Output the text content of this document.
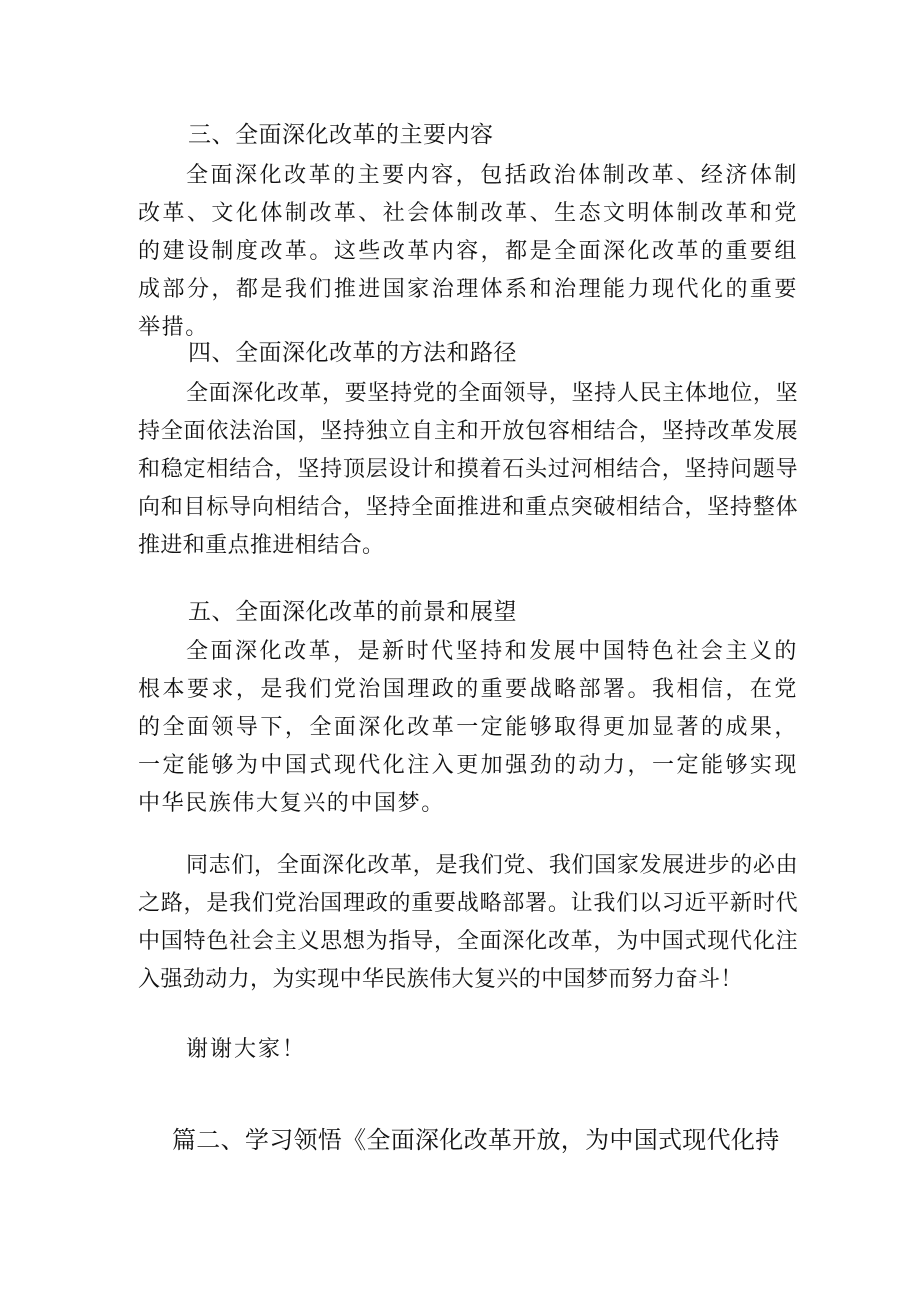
三、全面深化改革的主要内容

全面深化改革的主要内容，包括政治体制改革、经济体制改革、文化体制改革、社会体制改革、生态文明体制改革和党的建设制度改革。这些改革内容，都是全面深化改革的重要组成部分，都是我们推进国家治理体系和治理能力现代化的重要举措。

四、全面深化改革的方法和路径

全面深化改革，要坚持党的全面领导，坚持人民主体地位，坚持全面依法治国，坚持独立自主和开放包容相结合，坚持改革发展和稳定相结合，坚持顶层设计和摸着石头过河相结合，坚持问题导向和目标导向相结合，坚持全面推进和重点突破相结合，坚持整体推进和重点推进相结合。

五、全面深化改革的前景和展望

全面深化改革，是新时代坚持和发展中国特色社会主义的根本要求，是我们党治国理政的重要战略部署。我相信，在党的全面领导下，全面深化改革一定能够取得更加显著的成果，一定能够为中国式现代化注入更加强劲的动力，一定能够实现中华民族伟大复兴的中国梦。

同志们，全面深化改革，是我们党、我们国家发展进步的必由之路，是我们党治国理政的重要战略部署。让我们以习近平新时代中国特色社会主义思想为指导，全面深化改革，为中国式现代化注入强劲动力，为实现中华民族伟大复兴的中国梦而努力奋斗！

谢谢大家！

篇二、学习领悟《全面深化改革开放，为中国式现代化持
